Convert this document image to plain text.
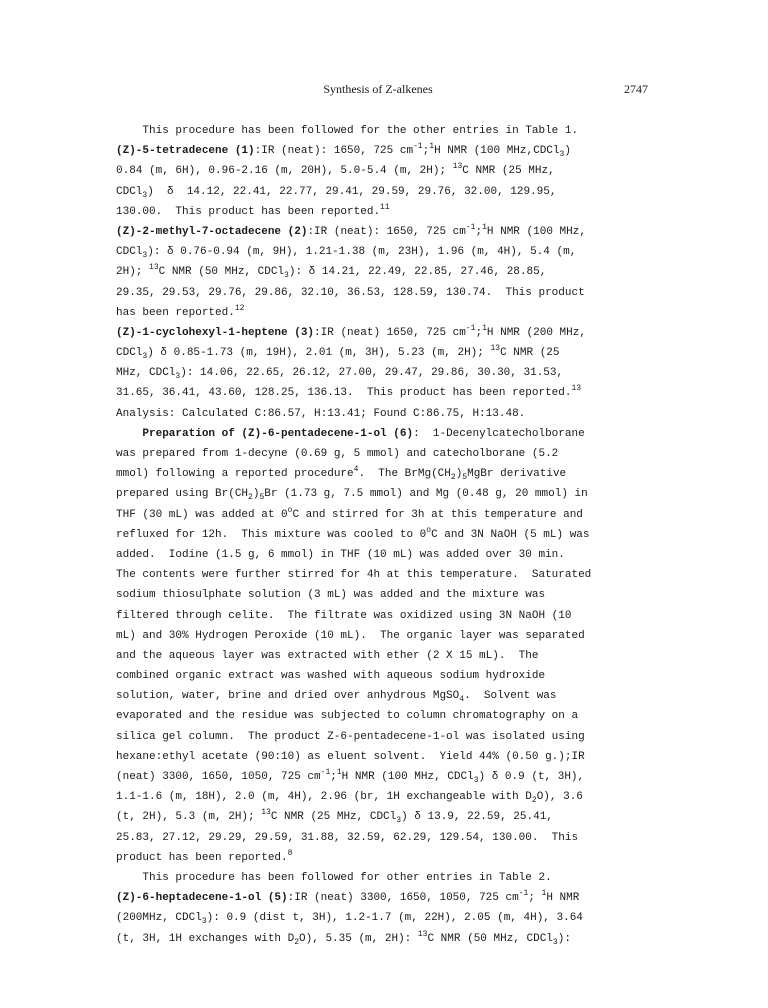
Synthesis of Z-alkenes	2747
This procedure has been followed for the other entries in Table 1.
(Z)-5-tetradecene (1):IR (neat): 1650, 725 $cm^{-1};^1H$ NMR (100 MHz,CDCl$_3$)
0.84 (m, 6H), 0.96-2.16 (m, 20H), 5.0-5.4 (m, 2H); $^{13}$C NMR (25 MHz,
CDCl$_3$)  δ  14.12, 22.41, 22.77, 29.41, 29.59, 29.76, 32.00, 129.95,
130.00.  This product has been reported.$^{11}$
(Z)-2-methyl-7-octadecene (2):IR (neat): 1650, 725 $cm^{-1};^1H$ NMR (100 MHz,
CDCl$_3$): δ 0.76-0.94 (m, 9H), 1.21-1.38 (m, 23H), 1.96 (m, 4H), 5.4 (m,
2H); $^{13}$C NMR (50 MHz, CDCl$_3$): δ 14.21, 22.49, 22.85, 27.46, 28.85,
29.35, 29.53, 29.76, 29.86, 32.10, 36.53, 128.59, 130.74.  This product
has been reported.$^{12}$
(Z)-1-cyclohexyl-1-heptene (3):IR (neat) 1650, 725 $cm^{-1};^1H$ NMR (200 MHz,
CDCl$_3$) δ 0.85-1.73 (m, 19H), 2.01 (m, 3H), 5.23 (m, 2H); $^{13}$C NMR (25
MHz, CDCl$_3$): 14.06, 22.65, 26.12, 27.00, 29.47, 29.86, 30.30, 31.53,
31.65, 36.41, 43.60, 128.25, 136.13.  This product has been reported.$^{13}$
Analysis: Calculated C:86.57, H:13.41; Found C:86.75, H:13.48.
Preparation of (Z)-6-pentadecene-1-ol (6):  1-Decenylcatecholborane
was prepared from 1-decyne (0.69 g, 5 mmol) and catecholborane (5.2
mmol) following a reported procedure$^4$.  The $BrMg(CH_2)_5MgBr$ derivative
prepared using $Br(CH_2)_5Br$ (1.73 g, 7.5 mmol) and Mg (0.48 g, 20 mmol) in
THF (30 mL) was added at 0$^o$C and stirred for 3h at this temperature and
refluxed for 12h.  This mixture was cooled to 0$^o$C and 3N NaOH (5 mL) was
added.  Iodine (1.5 g, 6 mmol) in THF (10 mL) was added over 30 min.
The contents were further stirred for 4h at this temperature.  Saturated
sodium thiosulphate solution (3 mL) was added and the mixture was
filtered through celite.  The filtrate was oxidized using 3N NaOH (10
mL) and 30% Hydrogen Peroxide (10 mL).  The organic layer was separated
and the aqueous layer was extracted with ether (2 X 15 mL).  The
combined organic extract was washed with aqueous sodium hydroxide
solution, water, brine and dried over anhydrous MgSO$_4$.  Solvent was
evaporated and the residue was subjected to column chromatography on a
silica gel column.  The product Z-6-pentadecene-1-ol was isolated using
hexane:ethyl acetate (90:10) as eluent solvent.  Yield 44% (0.50 g.);IR
(neat) 3300, 1650, 1050, 725 $cm^{-1};^1H$ NMR (100 MHz, CDCl$_3$) δ 0.9 (t, 3H),
1.1-1.6 (m, 18H), 2.0 (m, 4H), 2.96 (br, 1H exchangeable with $D_2O$), 3.6
(t, 2H), 5.3 (m, 2H); $^{13}$C NMR (25 MHz, CDCl$_3$) δ 13.9, 22.59, 25.41,
25.83, 27.12, 29.29, 29.59, 31.88, 32.59, 62.29, 129.54, 130.00.  This
product has been reported.$^8$
This procedure has been followed for other entries in Table 2.
(Z)-6-heptadecene-1-ol (5):IR (neat) 3300, 1650, 1050, 725 $cm^{-1}$; $^1$H NMR
(200MHz, CDCl$_3$): 0.9 (dist t, 3H), 1.2-1.7 (m, 22H), 2.05 (m, 4H), 3.64
(t, 3H, 1H exchanges with $D_2O$), 5.35 (m, 2H): $^{13}$C NMR (50 MHz, CDCl$_3$):
